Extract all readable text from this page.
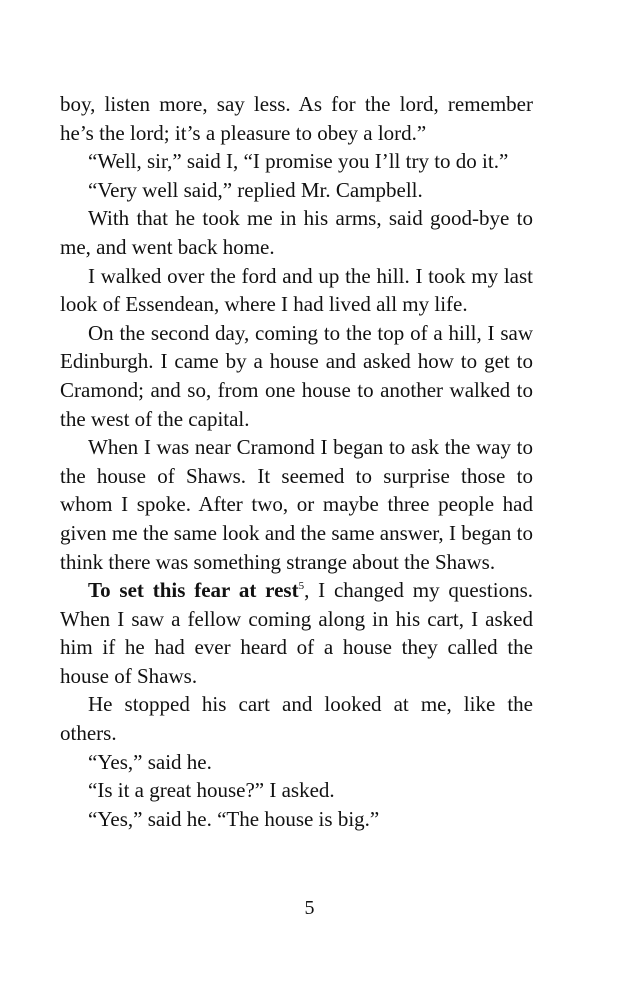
boy, listen more, say less. As for the lord, remember he’s the lord; it’s a pleasure to obey a lord.”

“Well, sir,” said I, “I promise you I’ll try to do it.”

“Very well said,” replied Mr. Campbell.

With that he took me in his arms, said good-bye to me, and went back home.

I walked over the ford and up the hill. I took my last look of Essendean, where I had lived all my life.

On the second day, coming to the top of a hill, I saw Edinburgh. I came by a house and asked how to get to Cramond; and so, from one house to another walked to the west of the capital.

When I was near Cramond I began to ask the way to the house of Shaws. It seemed to surprise those to whom I spoke. After two, or maybe three people had given me the same look and the same answer, I began to think there was something strange about the Shaws.

To set this fear at rest$^5$, I changed my questions. When I saw a fellow coming along in his cart, I asked him if he had ever heard of a house they called the house of Shaws.

He stopped his cart and looked at me, like the others.

“Yes,” said he.

“Is it a great house?” I asked.

“Yes,” said he. “The house is big.”

5
